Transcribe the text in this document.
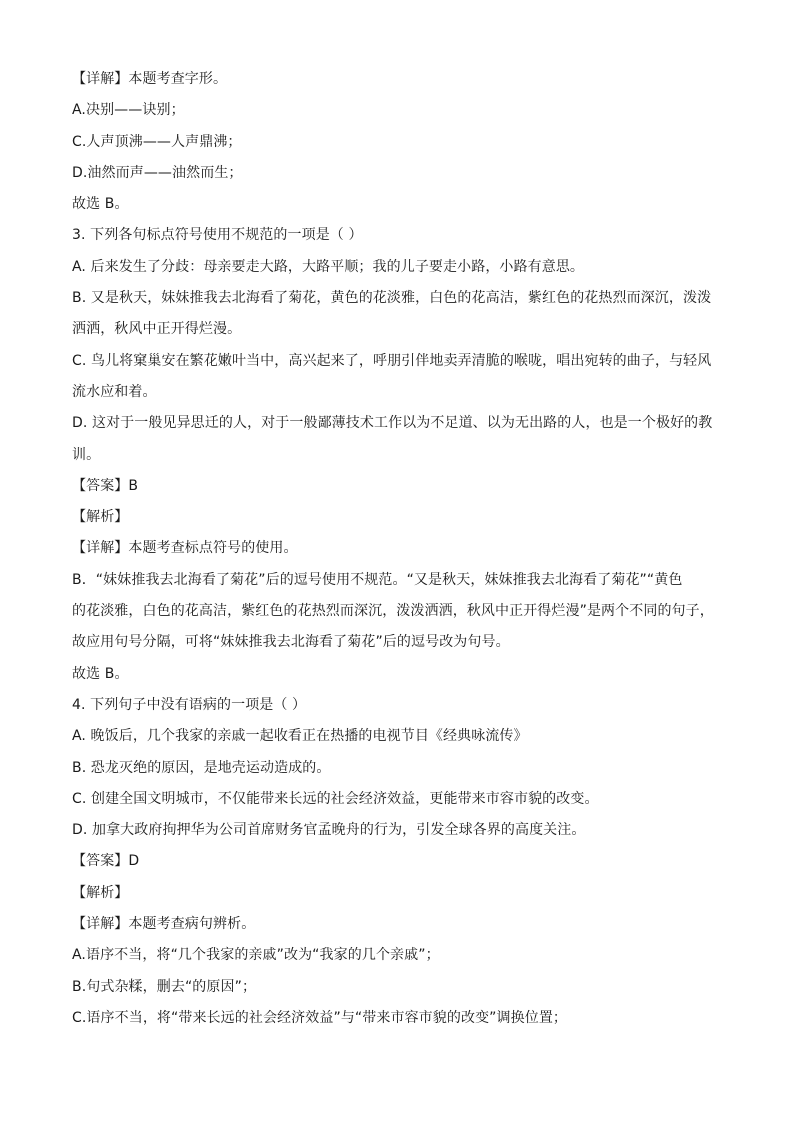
【详解】本题考查字形。
A.决别——诀别；
C.人声顶沸——人声鼎沸；
D.油然而声——油然而生；
故选 B。
3. 下列各句标点符号使用不规范的一项是（ ）
A. 后来发生了分歧：母亲要走大路，大路平顺；我的儿子要走小路，小路有意思。
B. 又是秋天，妹妹推我去北海看了菊花，黄色的花淡雅，白色的花高洁，紫红色的花热烈而深沉，泼泼
洒洒，秋风中正开得烂漫。
C. 鸟儿将窠巢安在繁花嫩叶当中，高兴起来了，呼朋引伴地卖弄清脆的喉咙，唱出宛转的曲子，与轻风
流水应和着。
D. 这对于一般见异思迁的人，对于一般鄙薄技术工作以为不足道、以为无出路的人，也是一个极好的教
训。
【答案】B
【解析】
【详解】本题考查标点符号的使用。
B．“妹妹推我去北海看了菊花”后的逗号使用不规范。“又是秋天，妹妹推我去北海看了菊花”“黄色
的花淡雅，白色的花高洁，紫红色的花热烈而深沉，泼泼洒洒，秋风中正开得烂漫”是两个不同的句子，
故应用句号分隔，可将“妹妹推我去北海看了菊花”后的逗号改为句号。
故选 B。
4. 下列句子中没有语病的一项是（ ）
A. 晚饭后，几个我家的亲戚一起收看正在热播的电视节目《经典咏流传》
B. 恐龙灭绝的原因，是地壳运动造成的。
C. 创建全国文明城市，不仅能带来长远的社会经济效益，更能带来市容市貌的改变。
D. 加拿大政府拘押华为公司首席财务官孟晚舟的行为，引发全球各界的高度关注。
【答案】D
【解析】
【详解】本题考查病句辨析。
A.语序不当，将“几个我家的亲戚”改为“我家的几个亲戚”；
B.句式杂糅，删去“的原因”；
C.语序不当，将“带来长远的社会经济效益”与“带来市容市貌的改变”调换位置；
